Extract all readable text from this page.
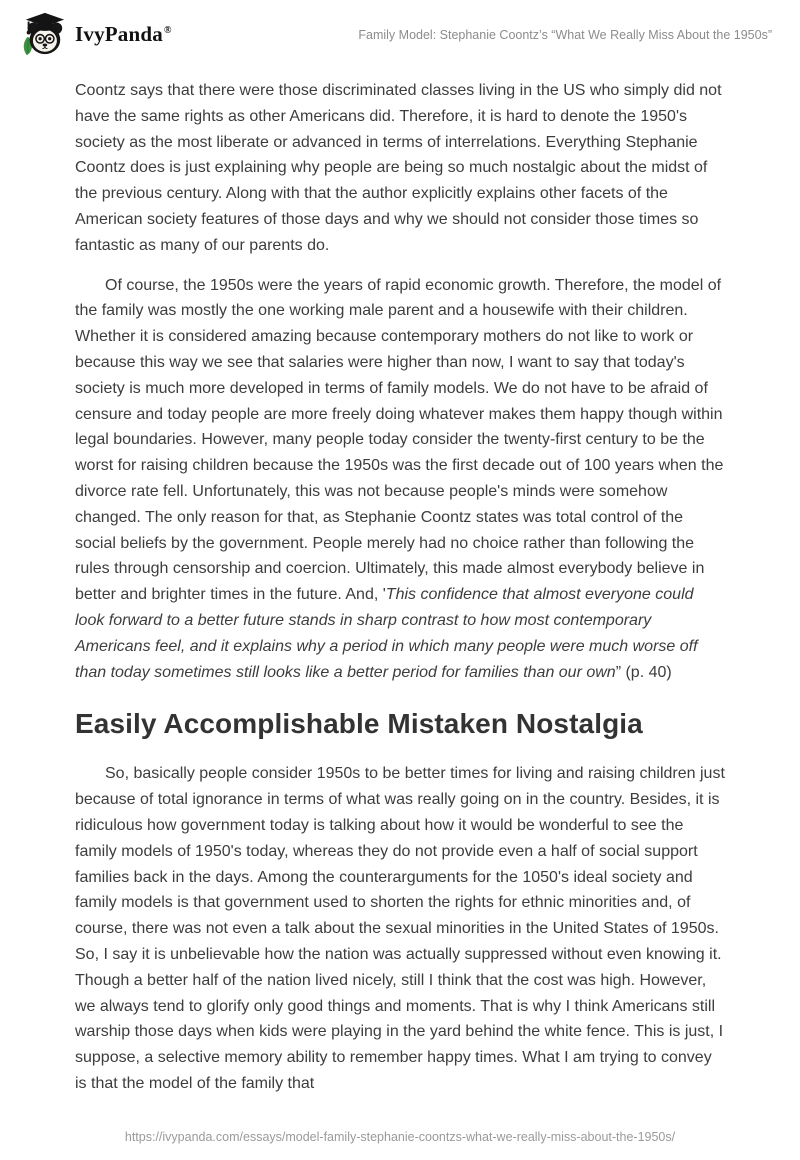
IvyPanda®	Family Model: Stephanie Coontz’s “What We Really Miss About the 1950s”

Coontz says that there were those discriminated classes living in the US who simply did not have the same rights as other Americans did. Therefore, it is hard to denote the 1950's society as the most liberate or advanced in terms of interrelations. Everything Stephanie Coontz does is just explaining why people are being so much nostalgic about the midst of the previous century. Along with that the author explicitly explains other facets of the American society features of those days and why we should not consider those times so fantastic as many of our parents do.

Of course, the 1950s were the years of rapid economic growth. Therefore, the model of the family was mostly the one working male parent and a housewife with their children. Whether it is considered amazing because contemporary mothers do not like to work or because this way we see that salaries were higher than now, I want to say that today's society is much more developed in terms of family models. We do not have to be afraid of censure and today people are more freely doing whatever makes them happy though within legal boundaries. However, many people today consider the twenty-first century to be the worst for raising children because the 1950s was the first decade out of 100 years when the divorce rate fell. Unfortunately, this was not because people's minds were somehow changed. The only reason for that, as Stephanie Coontz states was total control of the social beliefs by the government. People merely had no choice rather than following the rules through censorship and coercion. Ultimately, this made almost everybody believe in better and brighter times in the future. And, 'This confidence that almost everyone could look forward to a better future stands in sharp contrast to how most contemporary Americans feel, and it explains why a period in which many people were much worse off than today sometimes still looks like a better period for families than our own” (p. 40)

Easily Accomplishable Mistaken Nostalgia

So, basically people consider 1950s to be better times for living and raising children just because of total ignorance in terms of what was really going on in the country. Besides, it is ridiculous how government today is talking about how it would be wonderful to see the family models of 1950's today, whereas they do not provide even a half of social support families back in the days. Among the counterarguments for the 1050's ideal society and family models is that government used to shorten the rights for ethnic minorities and, of course, there was not even a talk about the sexual minorities in the United States of 1950s. So, I say it is unbelievable how the nation was actually suppressed without even knowing it. Though a better half of the nation lived nicely, still I think that the cost was high. However, we always tend to glorify only good things and moments. That is why I think Americans still warship those days when kids were playing in the yard behind the white fence. This is just, I suppose, a selective memory ability to remember happy times. What I am trying to convey is that the model of the family that

https://ivypanda.com/essays/model-family-stephanie-coontzs-what-we-really-miss-about-the-1950s/
